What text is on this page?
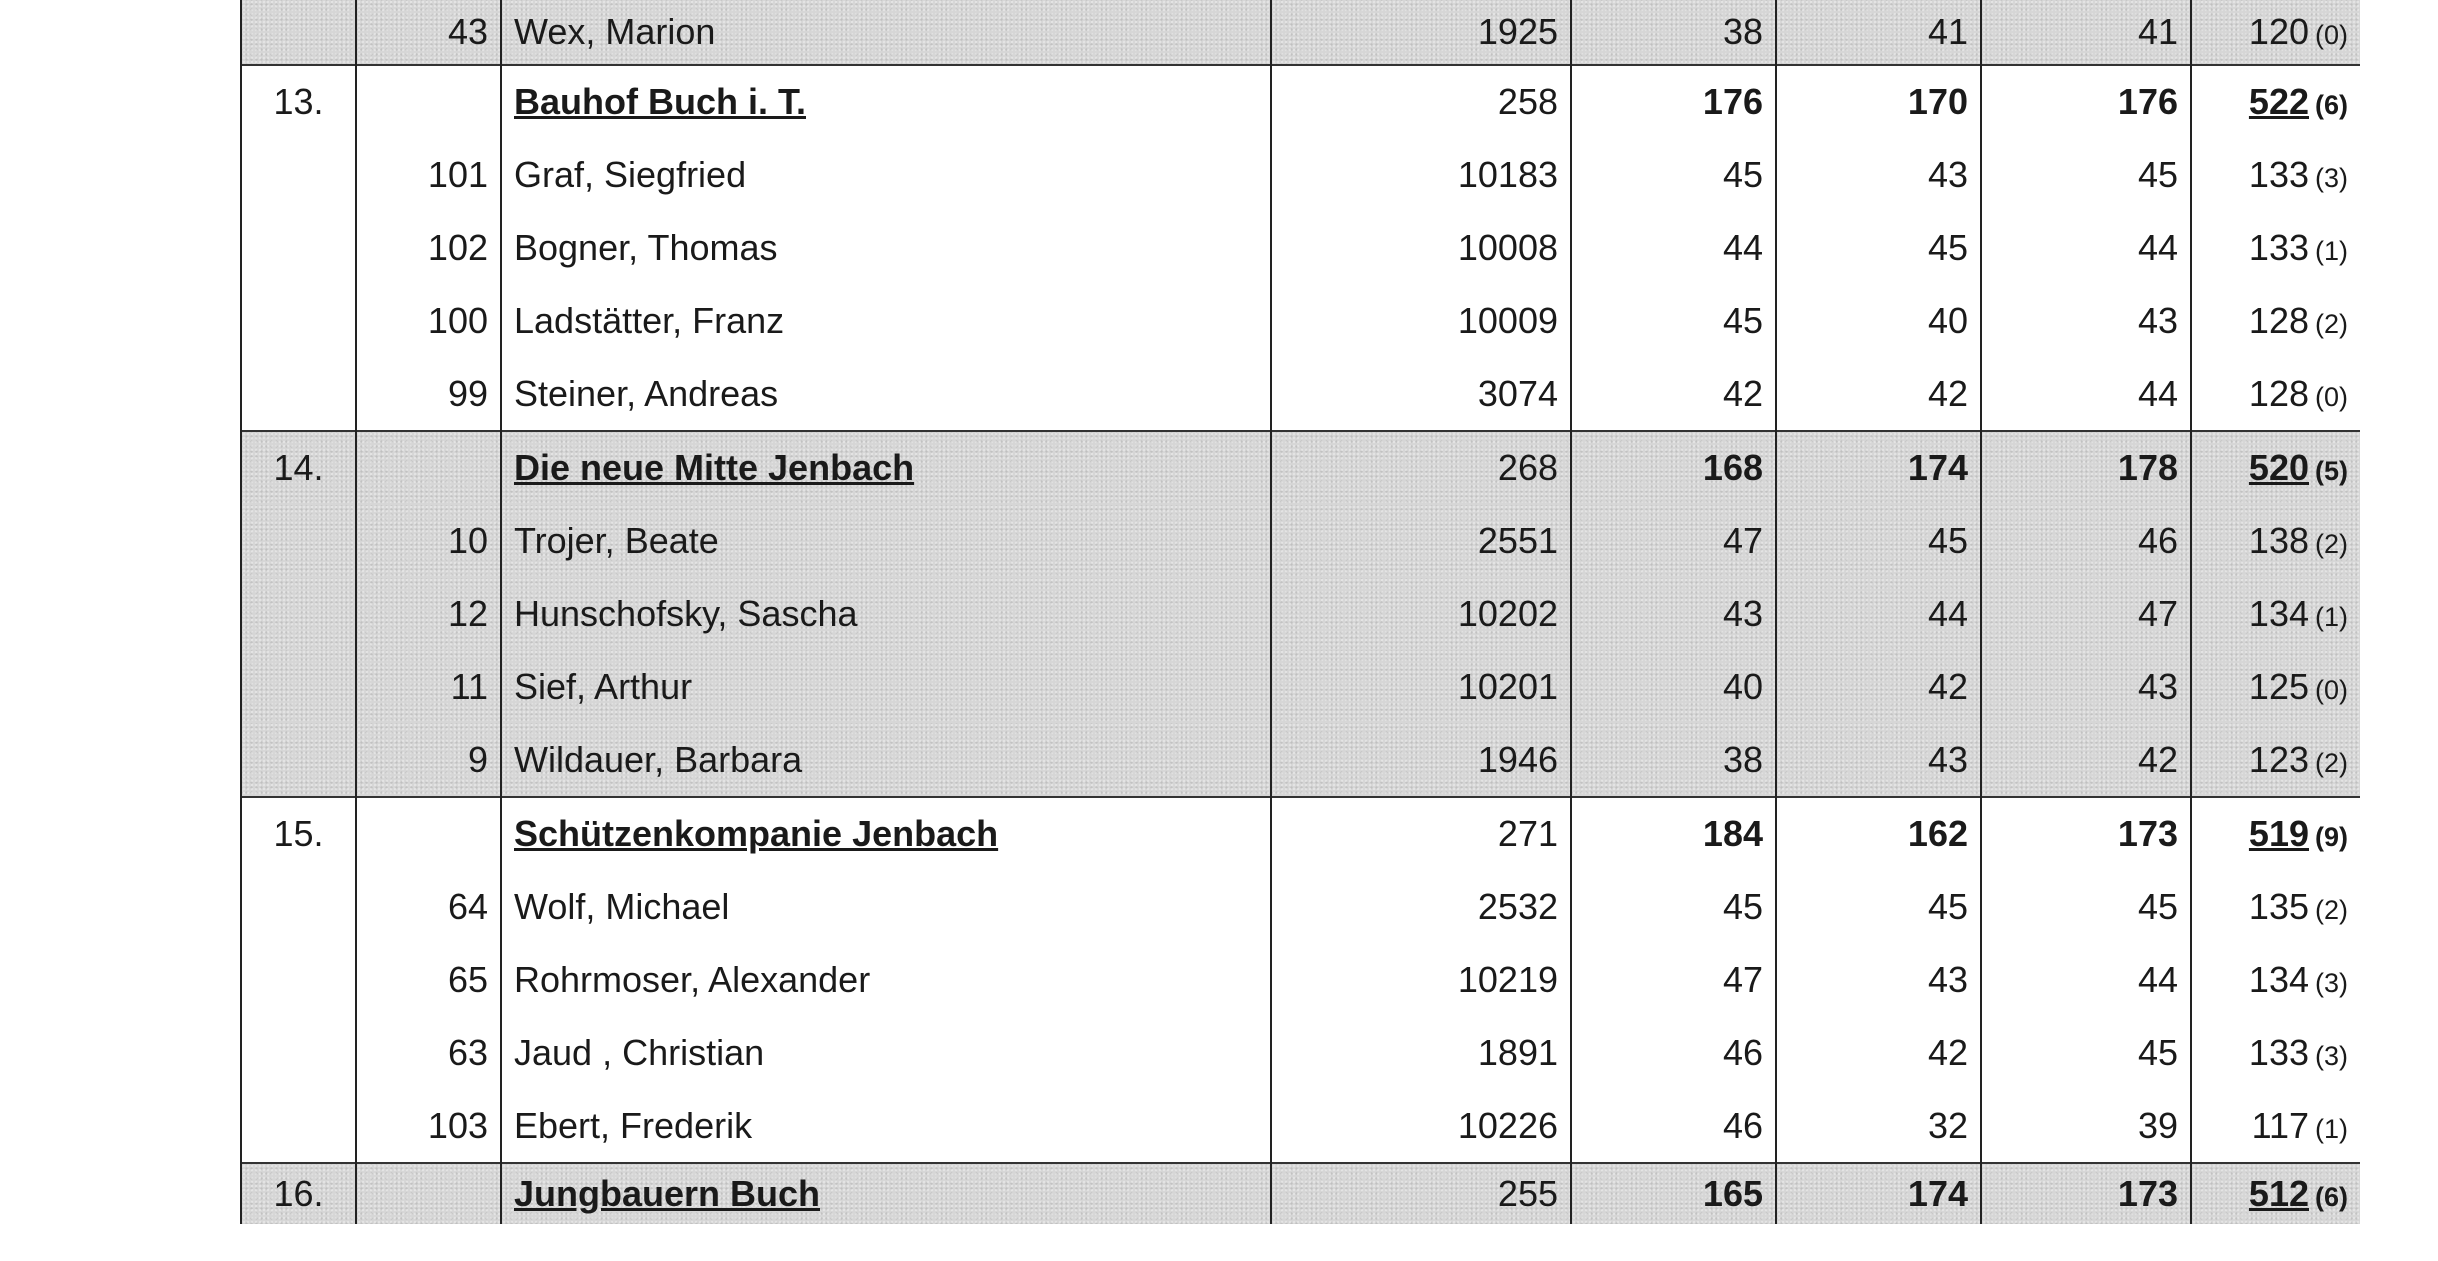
	43	Wex, Marion	1925	38	41	41	120 (0)
13.		Bauhof Buch i. T.	258	176	170	176	522 (6)
	101	Graf, Siegfried	10183	45	43	45	133 (3)
	102	Bogner, Thomas	10008	44	45	44	133 (1)
	100	Ladstätter, Franz	10009	45	40	43	128 (2)
	99	Steiner, Andreas	3074	42	42	44	128 (0)
14.		Die neue Mitte Jenbach	268	168	174	178	520 (5)
	10	Trojer, Beate	2551	47	45	46	138 (2)
	12	Hunschofsky, Sascha	10202	43	44	47	134 (1)
	11	Sief, Arthur	10201	40	42	43	125 (0)
	9	Wildauer, Barbara	1946	38	43	42	123 (2)
15.		Schützenkompanie Jenbach	271	184	162	173	519 (9)
	64	Wolf, Michael	2532	45	45	45	135 (2)
	65	Rohrmoser, Alexander	10219	47	43	44	134 (3)
	63	Jaud , Christian	1891	46	42	45	133 (3)
	103	Ebert, Frederik	10226	46	32	39	117 (1)
16.		Jungbauern Buch	255	165	174	173	512 (6)
